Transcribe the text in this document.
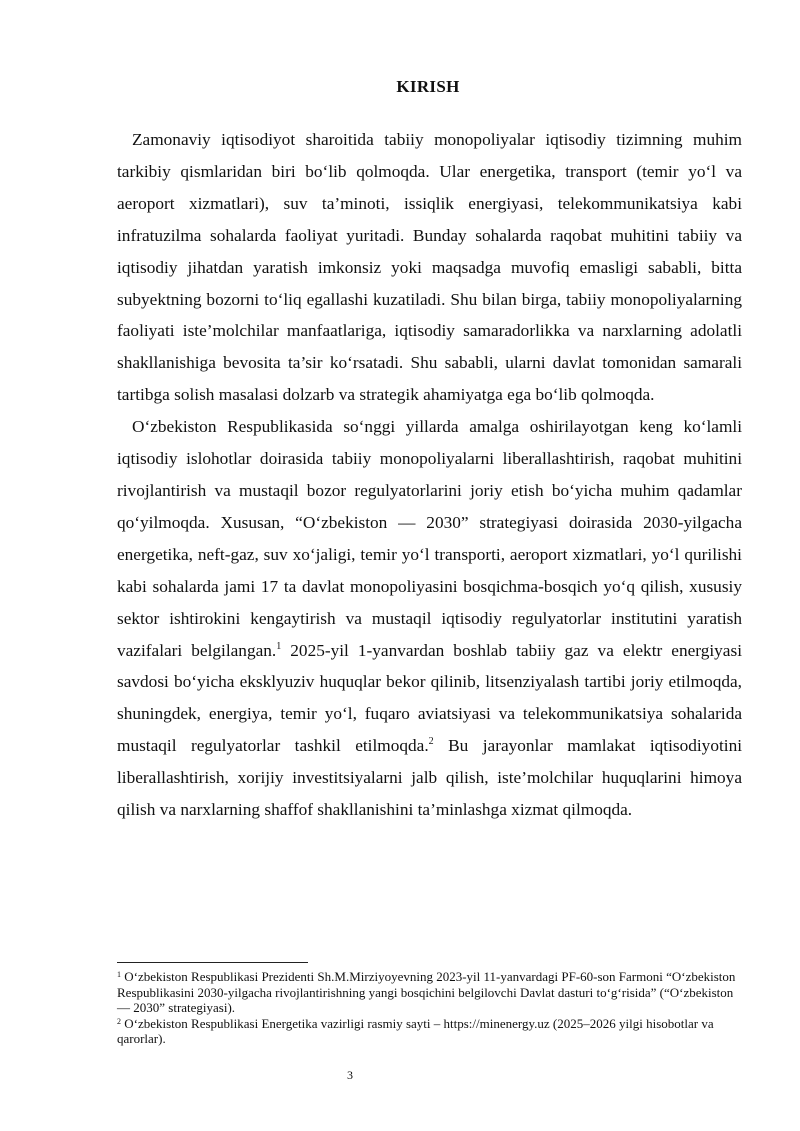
KIRISH

Zamonaviy iqtisodiyot sharoitida tabiiy monopoliyalar iqtisodiy tizimning muhim tarkibiy qismlaridan biri bo‘lib qolmoqda. Ular energetika, transport (temir yo‘l va aeroport xizmatlari), suv ta’minoti, issiqlik energiyasi, telekommunikatsiya kabi infratuzilma sohalarda faoliyat yuritadi. Bunday sohalarda raqobat muhitini tabiiy va iqtisodiy jihatdan yaratish imkonsiz yoki maqsadga muvofiq emasligi sababli, bitta subyektning bozorni to‘liq egallashi kuzatiladi. Shu bilan birga, tabiiy monopoliyalarning faoliyati iste’molchilar manfaatlariga, iqtisodiy samaradorlikka va narxlarning adolatli shakllanishiga bevosita ta’sir ko‘rsatadi. Shu sababli, ularni davlat tomonidan samarali tartibga solish masalasi dolzarb va strategik ahamiyatga ega bo‘lib qolmoqda.

O‘zbekiston Respublikasida so‘nggi yillarda amalga oshirilayotgan keng ko‘lamli iqtisodiy islohotlar doirasida tabiiy monopoliyalarni liberallashtirish, raqobat muhitini rivojlantirish va mustaqil bozor regulyatorlarini joriy etish bo‘yicha muhim qadamlar qo‘yilmoqda. Xususan, “O‘zbekiston — 2030” strategiyasi doirasida 2030-yilgacha energetika, neft-gaz, suv xo‘jaligi, temir yo‘l transporti, aeroport xizmatlari, yo‘l qurilishi kabi sohalarda jami 17 ta davlat monopoliyasini bosqichma-bosqich yo‘q qilish, xususiy sektor ishtirokini kengaytirish va mustaqil iqtisodiy regulyatorlar institutini yaratish vazifalari belgilangan.$^1$ 2025-yil 1-yanvardan boshlab tabiiy gaz va elektr energiyasi savdosi bo‘yicha eksklyuziv huquqlar bekor qilinib, litsenziyalash tartibi joriy etilmoqda, shuningdek, energiya, temir yo‘l, fuqaro aviatsiyasi va telekommunikatsiya sohalarida mustaqil regulyatorlar tashkil etilmoqda.$^2$ Bu jarayonlar mamlakat iqtisodiyotini liberallashtirish, xorijiy investitsiyalarni jalb qilish, iste’molchilar huquqlarini himoya qilish va narxlarning shaffof shakllanishini ta’minlashga xizmat qilmoqda.

$^1$ O‘zbekiston Respublikasi Prezidenti Sh.M.Mirziyoyevning 2023-yil 11-yanvardagi PF-60-son Farmoni “O‘zbekiston Respublikasini 2030-yilgacha rivojlantirishning yangi bosqichini belgilovchi Davlat dasturi to‘g‘risida” (“O‘zbekiston — 2030” strategiyasi).

$^2$ O‘zbekiston Respublikasi Energetika vazirligi rasmiy sayti – https://minenergy.uz (2025–2026 yilgi hisobotlar va qarorlar).

3
